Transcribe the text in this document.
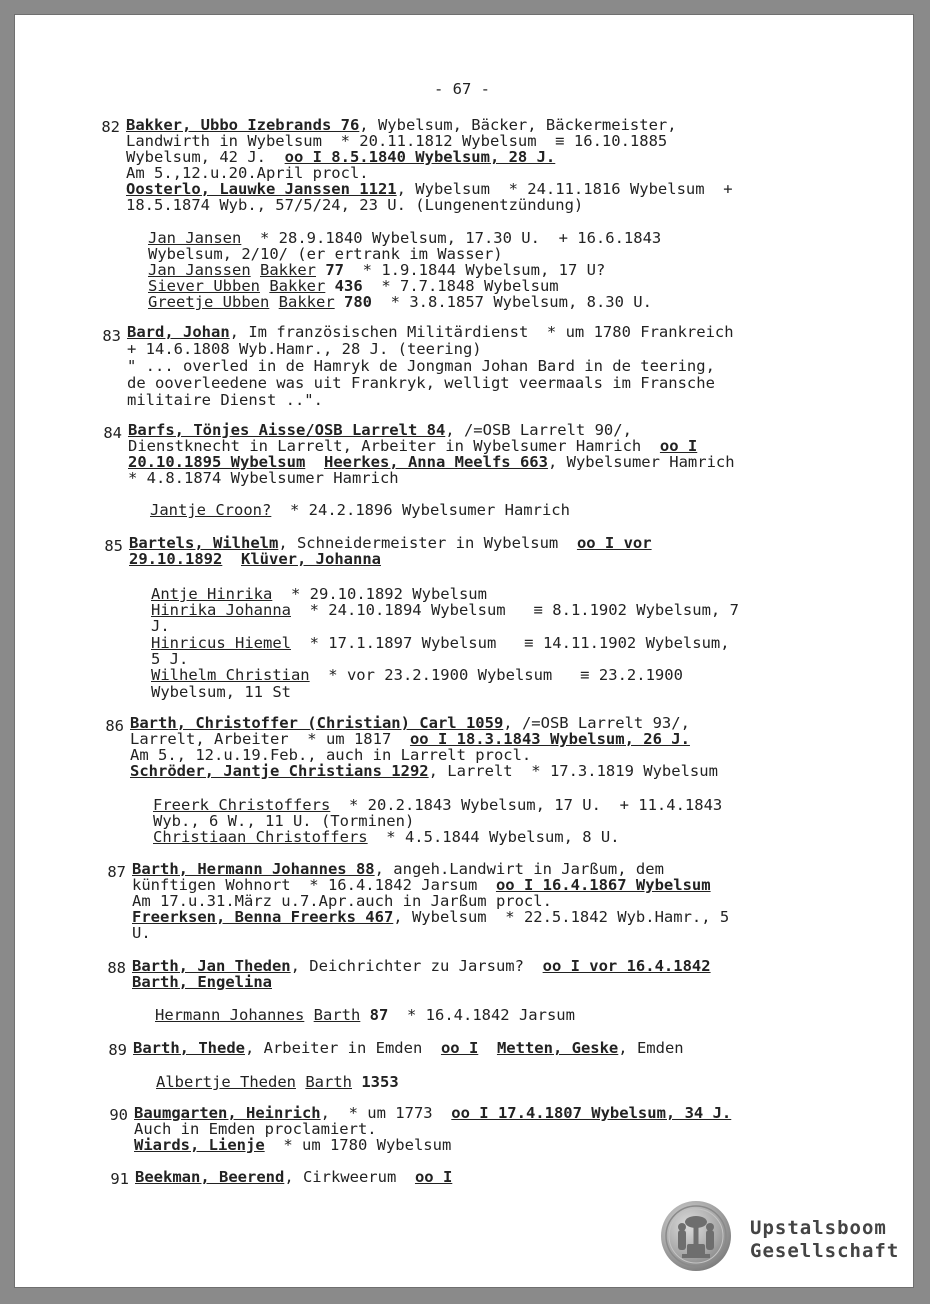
- 67 -
82 Bakker, Ubbo Izebrands 76, Wybelsum, Bäcker, Bäckermeister,
Landwirth in Wybelsum  * 20.11.1812 Wybelsum  ≡ 16.10.1885
Wybelsum, 42 J.  oo I 8.5.1840 Wybelsum, 28 J.
Am 5.,12.u.20.April procl.
Oosterlo, Lauwke Janssen 1121, Wybelsum  * 24.11.1816 Wybelsum  +
18.5.1874 Wyb., 57/5/24, 23 U. (Lungenentzündung)
Jan Jansen  * 28.9.1840 Wybelsum, 17.30 U.  + 16.6.1843
Wybelsum, 2/10/ (er ertrank im Wasser)
Jan Janssen Bakker 77  * 1.9.1844 Wybelsum, 17 U?
Siever Ubben Bakker 436  * 7.7.1848 Wybelsum
Greetje Ubben Bakker 780  * 3.8.1857 Wybelsum, 8.30 U.
83 Bard, Johan, Im französischen Militärdienst  * um 1780 Frankreich
+ 14.6.1808 Wyb.Hamr., 28 J. (teering)
" ... overled in de Hamryk de Jongman Johan Bard in de teering,
de ooverleedene was uit Frankryk, welligt veermaals im Fransche
militaire Dienst ..".
84 Barfs, Tönjes Aisse/OSB Larrelt 84, /=OSB Larrelt 90/,
Dienstknecht in Larrelt, Arbeiter in Wybelsumer Hamrich  oo I
20.10.1895 Wybelsum Heerkes, Anna Meelfs 663, Wybelsumer Hamrich
* 4.8.1874 Wybelsumer Hamrich
Jantje Croon?  * 24.2.1896 Wybelsumer Hamrich
85 Bartels, Wilhelm, Schneidermeister in Wybelsum  oo I vor
29.10.1892 Klüver, Johanna
Antje Hinrika  * 29.10.1892 Wybelsum
Hinrika Johanna  * 24.10.1894 Wybelsum   ≡ 8.1.1902 Wybelsum, 7
J.
Hinricus Hiemel  * 17.1.1897 Wybelsum   ≡ 14.11.1902 Wybelsum,
5 J.
Wilhelm Christian  * vor 23.2.1900 Wybelsum   ≡ 23.2.1900
Wybelsum, 11 St
86 Barth, Christoffer (Christian) Carl 1059, /=OSB Larrelt 93/,
Larrelt, Arbeiter  * um 1817  oo I 18.3.1843 Wybelsum, 26 J.
Am 5., 12.u.19.Feb., auch in Larrelt procl.
Schröder, Jantje Christians 1292, Larrelt  * 17.3.1819 Wybelsum
Freerk Christoffers  * 20.2.1843 Wybelsum, 17 U.  + 11.4.1843
Wyb., 6 W., 11 U. (Torminen)
Christiaan Christoffers  * 4.5.1844 Wybelsum, 8 U.
87 Barth, Hermann Johannes 88, angeh.Landwirt in Jarßum, dem
künftigen Wohnort  * 16.4.1842 Jarsum  oo I 16.4.1867 Wybelsum
Am 17.u.31.März u.7.Apr.auch in Jarßum procl.
Freerksen, Benna Freerks 467, Wybelsum  * 22.5.1842 Wyb.Hamr., 5
U.
88 Barth, Jan Theden, Deichrichter zu Jarsum?  oo I vor 16.4.1842
Barth, Engelina
Hermann Johannes Barth 87  * 16.4.1842 Jarsum
89 Barth, Thede, Arbeiter in Emden  oo I Metten, Geske, Emden
Albertje Theden Barth 1353
90 Baumgarten, Heinrich,  * um 1773  oo I 17.4.1807 Wybelsum, 34 J.
Auch in Emden proclamiert.
Wiards, Lienje  * um 1780 Wybelsum
91 Beekman, Beerend, Cirkweerum  oo I
Upstalsboom
Gesellschaft
